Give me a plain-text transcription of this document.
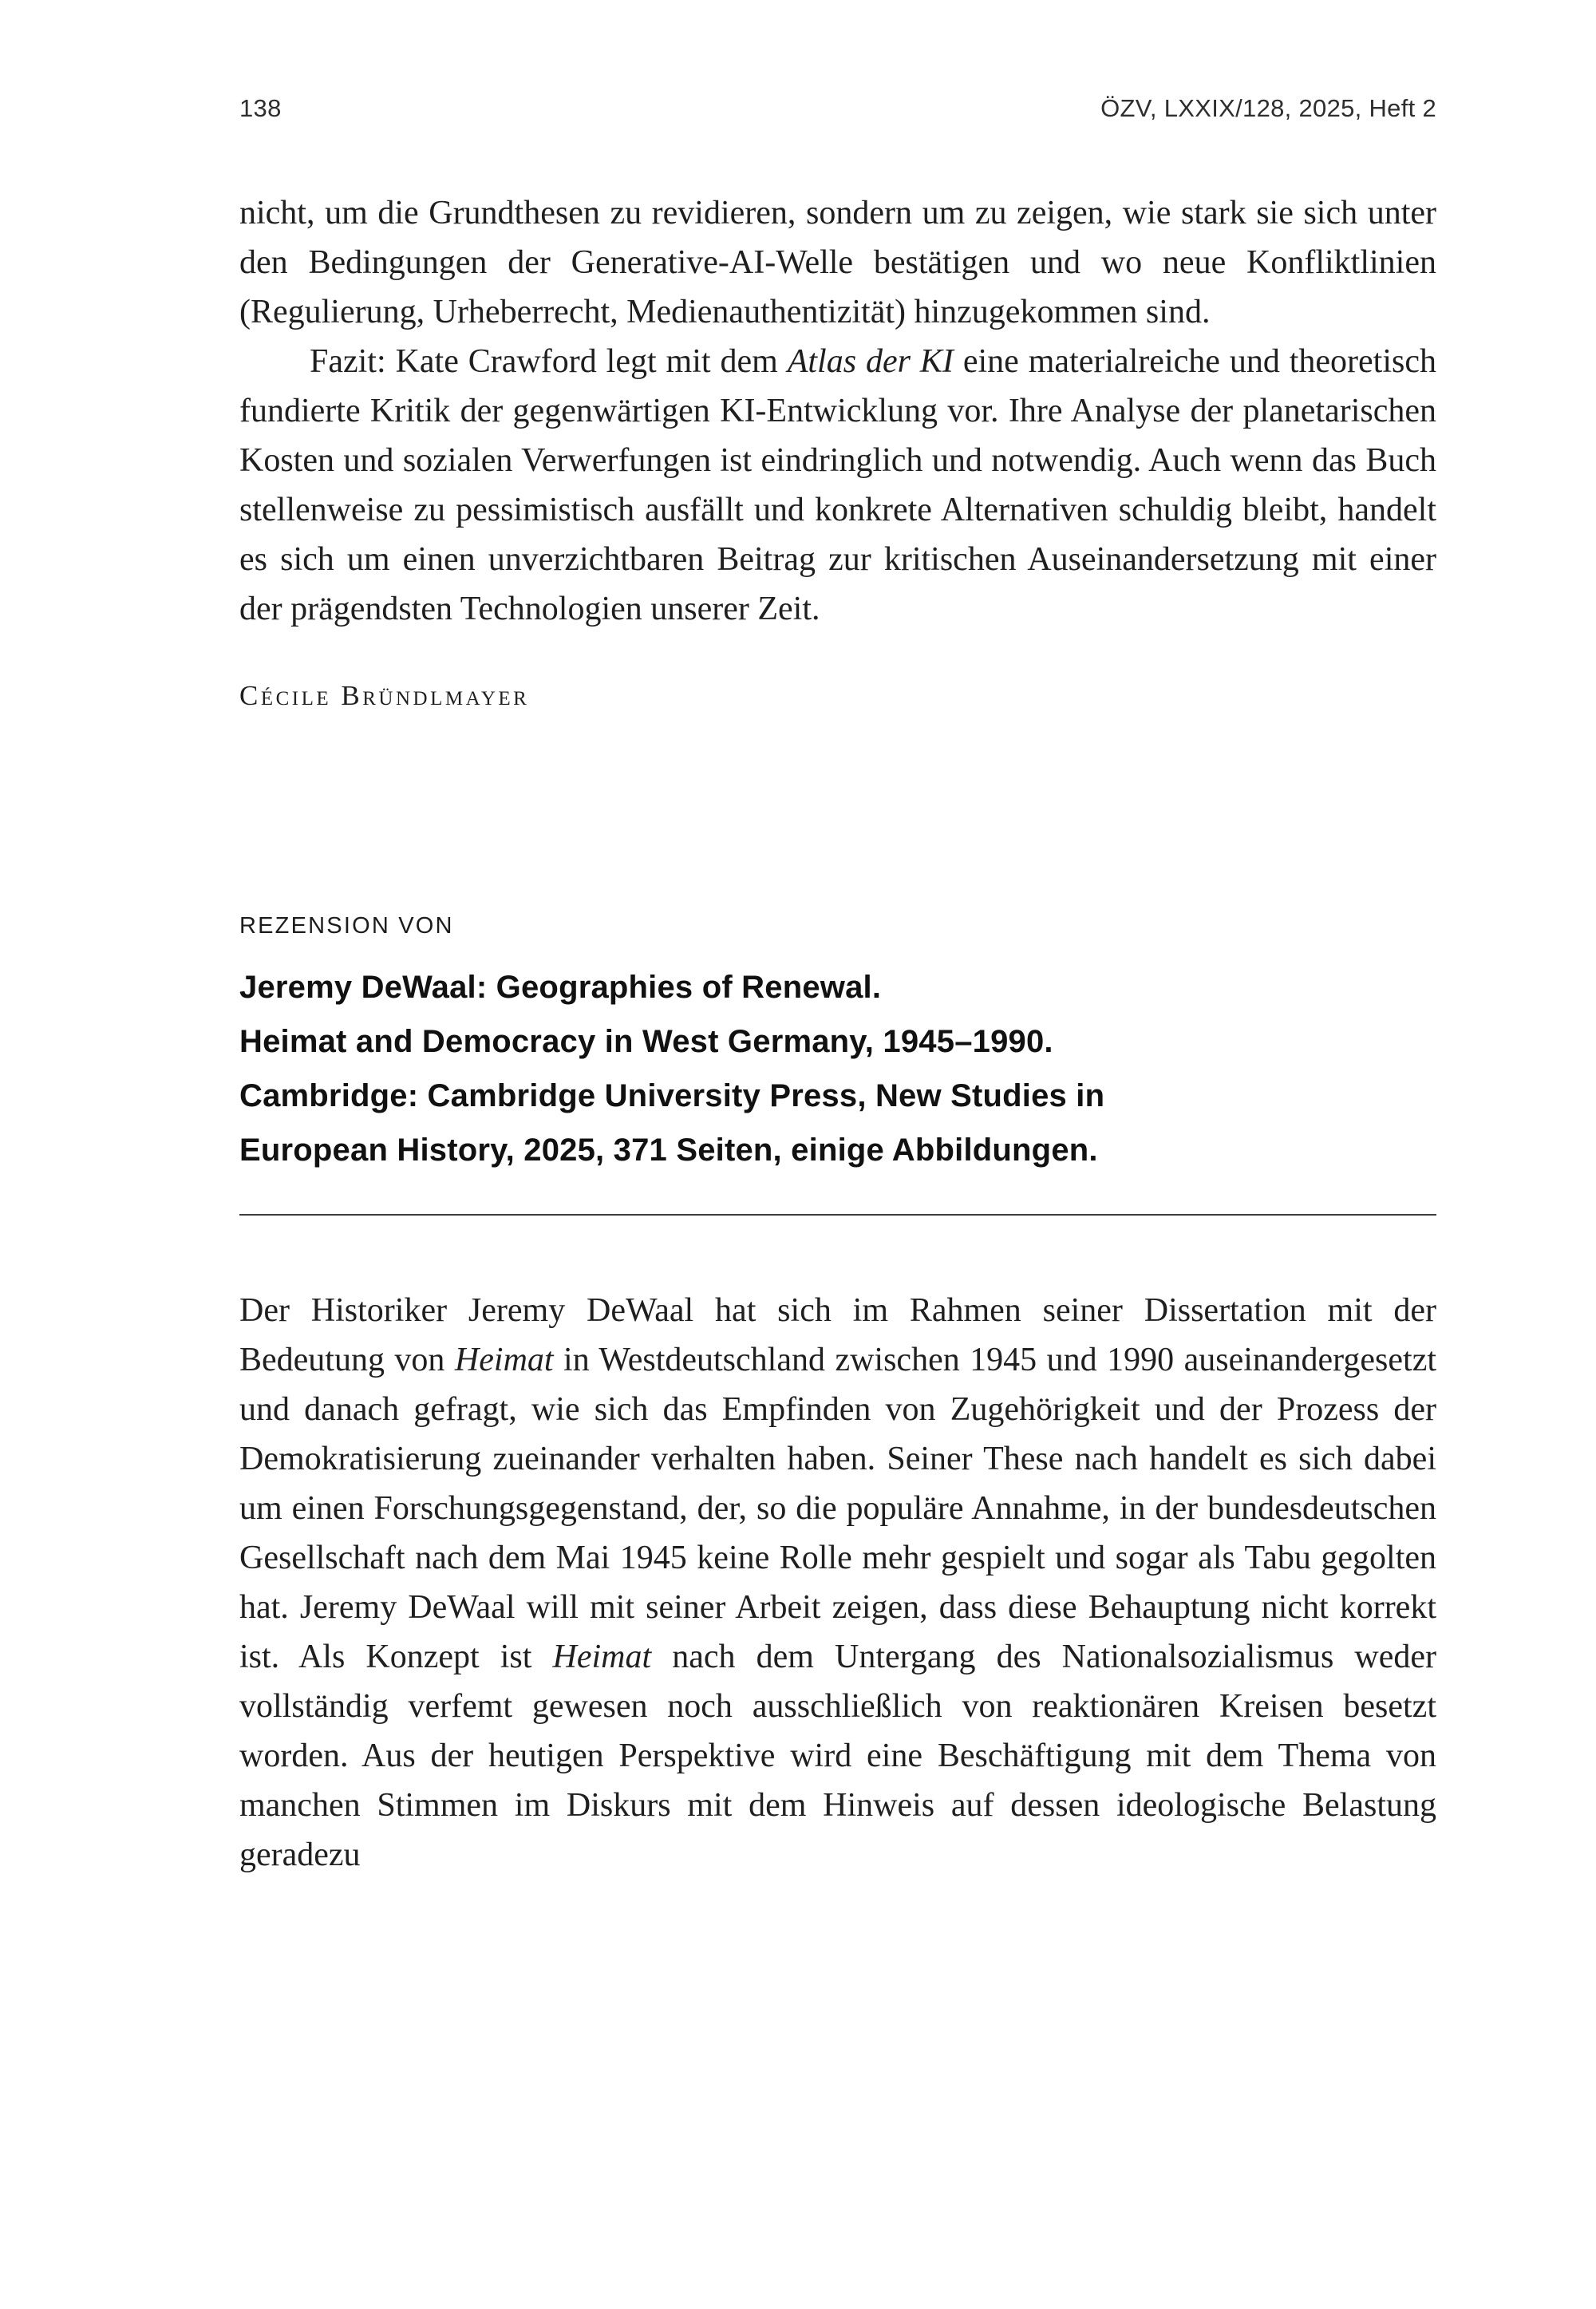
138	ÖZV, LXXIX/128, 2025, Heft 2

nicht, um die Grundthesen zu revidieren, sondern um zu zeigen, wie stark sie sich unter den Bedingungen der Generative-AI-Welle bestätigen und wo neue Konfliktlinien (Regulierung, Urheberrecht, Medienauthentizität) hinzugekommen sind.

Fazit: Kate Crawford legt mit dem Atlas der KI eine materialreiche und theoretisch fundierte Kritik der gegenwärtigen KI-Entwicklung vor. Ihre Analyse der planetarischen Kosten und sozialen Verwerfungen ist eindringlich und notwendig. Auch wenn das Buch stellenweise zu pessimistisch ausfällt und konkrete Alternativen schuldig bleibt, handelt es sich um einen unverzichtbaren Beitrag zur kritischen Auseinandersetzung mit einer der prägendsten Technologien unserer Zeit.

Cécile Bründlmayer
REZENSION VON
Jeremy DeWaal: Geographies of Renewal.
Heimat and Democracy in West Germany, 1945–1990.
Cambridge: Cambridge University Press, New Studies in
European History, 2025, 371 Seiten, einige Abbildungen.

Der Historiker Jeremy DeWaal hat sich im Rahmen seiner Dissertation mit der Bedeutung von Heimat in Westdeutschland zwischen 1945 und 1990 auseinandergesetzt und danach gefragt, wie sich das Empfinden von Zugehörigkeit und der Prozess der Demokratisierung zueinander verhalten haben. Seiner These nach handelt es sich dabei um einen Forschungsgegenstand, der, so die populäre Annahme, in der bundesdeutschen Gesellschaft nach dem Mai 1945 keine Rolle mehr gespielt und sogar als Tabu gegolten hat. Jeremy DeWaal will mit seiner Arbeit zeigen, dass diese Behauptung nicht korrekt ist. Als Konzept ist Heimat nach dem Untergang des Nationalsozialismus weder vollständig verfemt gewesen noch ausschließlich von reaktionären Kreisen besetzt worden. Aus der heutigen Perspektive wird eine Beschäftigung mit dem Thema von manchen Stimmen im Diskurs mit dem Hinweis auf dessen ideologische Belastung geradezu
